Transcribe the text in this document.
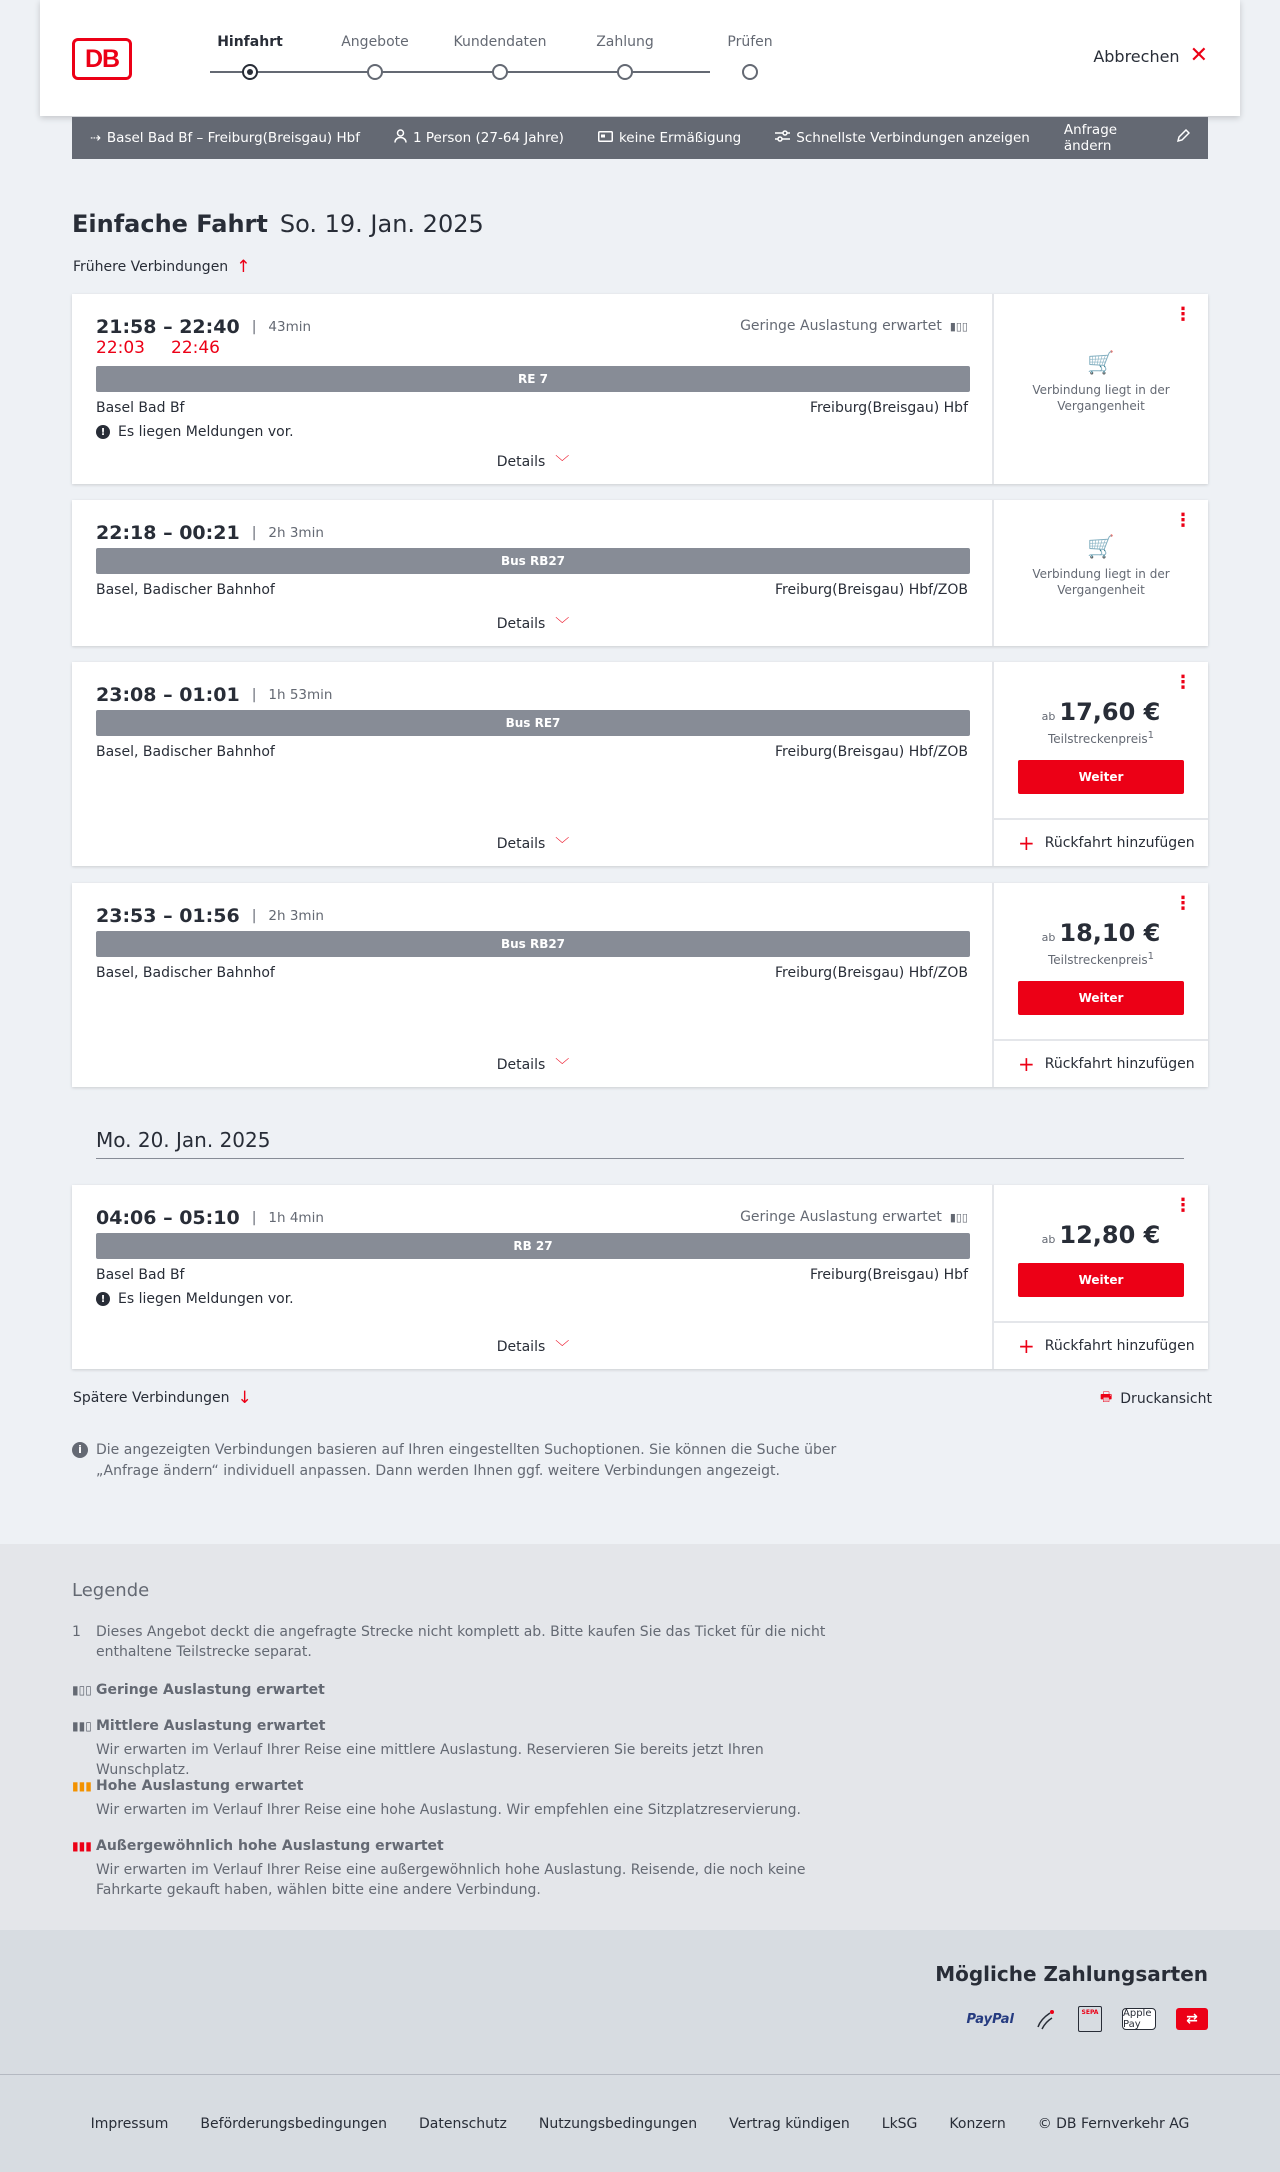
DB
Hinfahrt	Angebote	Kundendaten	Zahlung	Prüfen
Abbrechen ✕
⇢ Basel Bad Bf – Freiburg(Breisgau) Hbf	1 Person (27-64 Jahre)	keine Ermäßigung	Schnellste Verbindungen anzeigen	Anfrage ändern
Einfache Fahrt So. 19. Jan. 2025
Frühere Verbindungen ↑
21:58 – 22:40 | 43min
22:03 22:46
Geringe Auslastung erwartet ▮▯▯
RE 7
Basel Bad Bf	Freiburg(Breisgau) Hbf
! Es liegen Meldungen vor.
Details ﹀
⋮
🛒
Verbindung liegt in der Vergangenheit
22:18 – 00:21 | 2h 3min
Bus RB27
Basel, Badischer Bahnhof	Freiburg(Breisgau) Hbf/ZOB
Details ﹀
⋮
🛒
Verbindung liegt in der Vergangenheit
23:08 – 01:01 | 1h 53min
Bus RE7
Basel, Badischer Bahnhof	Freiburg(Breisgau) Hbf/ZOB
Details ﹀
⋮
ab 17,60 €
Teilstreckenpreis$^1$
Weiter
+ Rückfahrt hinzufügen
23:53 – 01:56 | 2h 3min
Bus RB27
Basel, Badischer Bahnhof	Freiburg(Breisgau) Hbf/ZOB
Details ﹀
⋮
ab 18,10 €
Teilstreckenpreis$^1$
Weiter
+ Rückfahrt hinzufügen
Mo. 20. Jan. 2025
04:06 – 05:10 | 1h 4min	Geringe Auslastung erwartet ▮▯▯
RB 27
Basel Bad Bf	Freiburg(Breisgau) Hbf
! Es liegen Meldungen vor.
Details ﹀
⋮
ab 12,80 €
Weiter
+ Rückfahrt hinzufügen
Spätere Verbindungen ↓	🖶 Druckansicht
i	Die angezeigten Verbindungen basieren auf Ihren eingestellten Suchoptionen. Sie können die Suche über „Anfrage ändern“ individuell anpassen. Dann werden Ihnen ggf. weitere Verbindungen angezeigt.
Legende
1 Dieses Angebot deckt die angefragte Strecke nicht komplett ab. Bitte kaufen Sie das Ticket für die nicht enthaltene Teilstrecke separat.
▮▯▯ Geringe Auslastung erwartet
▮▮▯ Mittlere Auslastung erwartet
Wir erwarten im Verlauf Ihrer Reise eine mittlere Auslastung. Reservieren Sie bereits jetzt Ihren Wunschplatz.
▮▮▮ Hohe Auslastung erwartet
Wir erwarten im Verlauf Ihrer Reise eine hohe Auslastung. Wir empfehlen eine Sitzplatzreservierung.
▮▮▮ Außergewöhnlich hohe Auslastung erwartet
Wir erwarten im Verlauf Ihrer Reise eine außergewöhnlich hohe Auslastung. Reisende, die noch keine Fahrkarte gekauft haben, wählen bitte eine andere Verbindung.
Mögliche Zahlungsarten
PayPal	SEPA	Apple Pay	⇄
Impressum Beförderungsbedingungen Datenschutz Nutzungsbedingungen Vertrag kündigen LkSG Konzern © DB Fernverkehr AG
